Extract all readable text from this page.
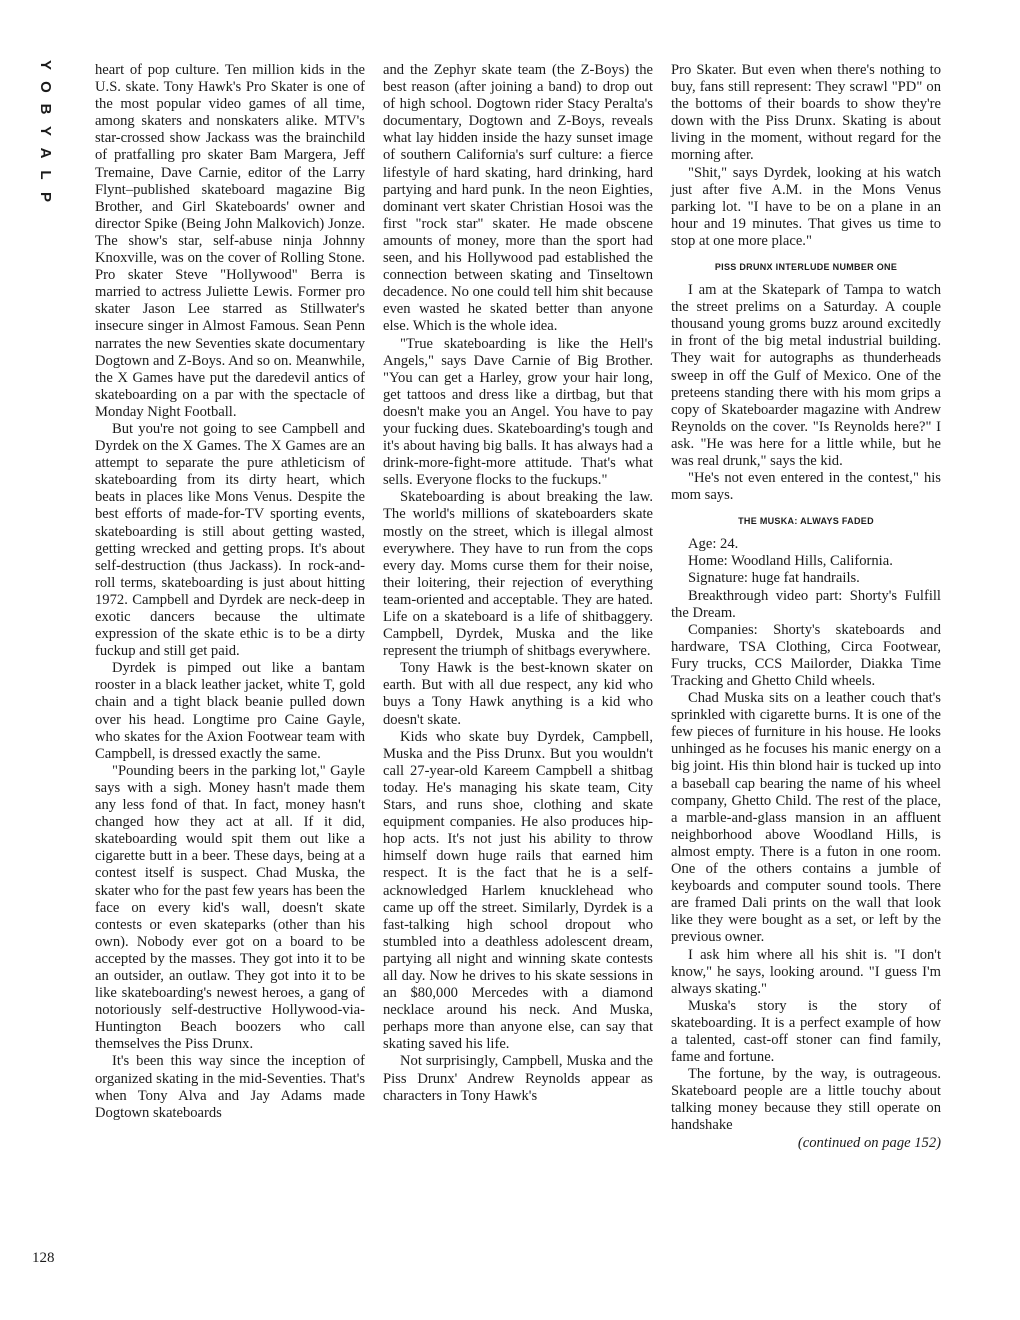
Y
O
B
Y
A
L
P

heart of pop culture. Ten million kids in the U.S. skate. Tony Hawk's Pro Skater is one of the most popular video games of all time, among skaters and nonskaters alike. MTV's star-crossed show Jackass was the brainchild of pratfalling pro skater Bam Margera, Jeff Tremaine, Dave Carnie, editor of the Larry Flynt–published skateboard magazine Big Brother, and Girl Skateboards' owner and director Spike (Being John Malkovich) Jonze. The show's star, self-abuse ninja Johnny Knoxville, was on the cover of Rolling Stone. Pro skater Steve "Hollywood" Berra is married to actress Juliette Lewis. Former pro skater Jason Lee starred as Stillwater's insecure singer in Almost Famous. Sean Penn narrates the new Seventies skate documentary Dogtown and Z-Boys. And so on. Meanwhile, the X Games have put the daredevil antics of skateboarding on a par with the spectacle of Monday Night Football.

But you're not going to see Campbell and Dyrdek on the X Games. The X Games are an attempt to separate the pure athleticism of skateboarding from its dirty heart, which beats in places like Mons Venus. Despite the best efforts of made-for-TV sporting events, skateboarding is still about getting wasted, getting wrecked and getting props. It's about self-destruction (thus Jackass). In rock-and-roll terms, skateboarding is just about hitting 1972. Campbell and Dyrdek are neck-deep in exotic dancers because the ultimate expression of the skate ethic is to be a dirty fuckup and still get paid.

Dyrdek is pimped out like a bantam rooster in a black leather jacket, white T, gold chain and a tight black beanie pulled down over his head. Longtime pro Caine Gayle, who skates for the Axion Footwear team with Campbell, is dressed exactly the same.

"Pounding beers in the parking lot," Gayle says with a sigh. Money hasn't made them any less fond of that. In fact, money hasn't changed how they act at all. If it did, skateboarding would spit them out like a cigarette butt in a beer. These days, being at a contest itself is suspect. Chad Muska, the skater who for the past few years has been the face on every kid's wall, doesn't skate contests or even skateparks (other than his own). Nobody ever got on a board to be accepted by the masses. They got into it to be an outsider, an outlaw. They got into it to be like skateboarding's newest heroes, a gang of notoriously self-destructive Hollywood-via-Huntington Beach boozers who call themselves the Piss Drunx.

It's been this way since the inception of organized skating in the mid-Seventies. That's when Tony Alva and Jay Adams made Dogtown skateboards

and the Zephyr skate team (the Z-Boys) the best reason (after joining a band) to drop out of high school. Dogtown rider Stacy Peralta's documentary, Dogtown and Z-Boys, reveals what lay hidden inside the hazy sunset image of southern California's surf culture: a fierce lifestyle of hard skating, hard drinking, hard partying and hard punk. In the neon Eighties, dominant vert skater Christian Hosoi was the first "rock star" skater. He made obscene amounts of money, more than the sport had seen, and his Hollywood pad established the connection between skating and Tinseltown decadence. No one could tell him shit because even wasted he skated better than anyone else. Which is the whole idea.

"True skateboarding is like the Hell's Angels," says Dave Carnie of Big Brother. "You can get a Harley, grow your hair long, get tattoos and dress like a dirtbag, but that doesn't make you an Angel. You have to pay your fucking dues. Skateboarding's tough and it's about having big balls. It has always had a drink-more-fight-more attitude. That's what sells. Everyone flocks to the fuckups."

Skateboarding is about breaking the law. The world's millions of skateboarders skate mostly on the street, which is illegal almost everywhere. They have to run from the cops every day. Moms curse them for their noise, their loitering, their rejection of everything team-oriented and acceptable. They are hated. Life on a skateboard is a life of shitbaggery. Campbell, Dyrdek, Muska and the like represent the triumph of shitbags everywhere.

Tony Hawk is the best-known skater on earth. But with all due respect, any kid who buys a Tony Hawk anything is a kid who doesn't skate.

Kids who skate buy Dyrdek, Campbell, Muska and the Piss Drunx. But you wouldn't call 27-year-old Kareem Campbell a shitbag today. He's managing his skate team, City Stars, and runs shoe, clothing and skate equipment companies. He also produces hip-hop acts. It's not just his ability to throw himself down huge rails that earned him respect. It is the fact that he is a self-acknowledged Harlem knucklehead who came up off the street. Similarly, Dyrdek is a fast-talking high school dropout who stumbled into a deathless adolescent dream, partying all night and winning skate contests all day. Now he drives to his skate sessions in an $80,000 Mercedes with a diamond necklace around his neck. And Muska, perhaps more than anyone else, can say that skating saved his life.

Not surprisingly, Campbell, Muska and the Piss Drunx' Andrew Reynolds appear as characters in Tony Hawk's

Pro Skater. But even when there's nothing to buy, fans still represent: They scrawl "PD" on the bottoms of their boards to show they're down with the Piss Drunx. Skating is about living in the moment, without regard for the morning after.

"Shit," says Dyrdek, looking at his watch just after five A.M. in the Mons Venus parking lot. "I have to be on a plane in an hour and 19 minutes. That gives us time to stop at one more place."

PISS DRUNX INTERLUDE NUMBER ONE

I am at the Skatepark of Tampa to watch the street prelims on a Saturday. A couple thousand young groms buzz around excitedly in front of the big metal industrial building. They wait for autographs as thunderheads sweep in off the Gulf of Mexico. One of the preteens standing there with his mom grips a copy of Skateboarder magazine with Andrew Reynolds on the cover. "Is Reynolds here?" I ask. "He was here for a little while, but he was real drunk," says the kid.

"He's not even entered in the contest," his mom says.

THE MUSKA: ALWAYS FADED

Age: 24.

Home: Woodland Hills, California.

Signature: huge fat handrails.

Breakthrough video part: Shorty's Fulfill the Dream.

Companies: Shorty's skateboards and hardware, TSA Clothing, Circa Footwear, Fury trucks, CCS Mailorder, Diakka Time Tracking and Ghetto Child wheels.

Chad Muska sits on a leather couch that's sprinkled with cigarette burns. It is one of the few pieces of furniture in his house. He looks unhinged as he focuses his manic energy on a big joint. His thin blond hair is tucked up into a baseball cap bearing the name of his wheel company, Ghetto Child. The rest of the place, a marble-and-glass mansion in an affluent neighborhood above Woodland Hills, is almost empty. There is a futon in one room. One of the others contains a jumble of keyboards and computer sound tools. There are framed Dali prints on the wall that look like they were bought as a set, or left by the previous owner.

I ask him where all his shit is. "I don't know," he says, looking around. "I guess I'm always skating."

Muska's story is the story of skateboarding. It is a perfect example of how a talented, cast-off stoner can find family, fame and fortune.

The fortune, by the way, is outrageous. Skateboard people are a little touchy about talking money because they still operate on handshake

(continued on page 152)

128
